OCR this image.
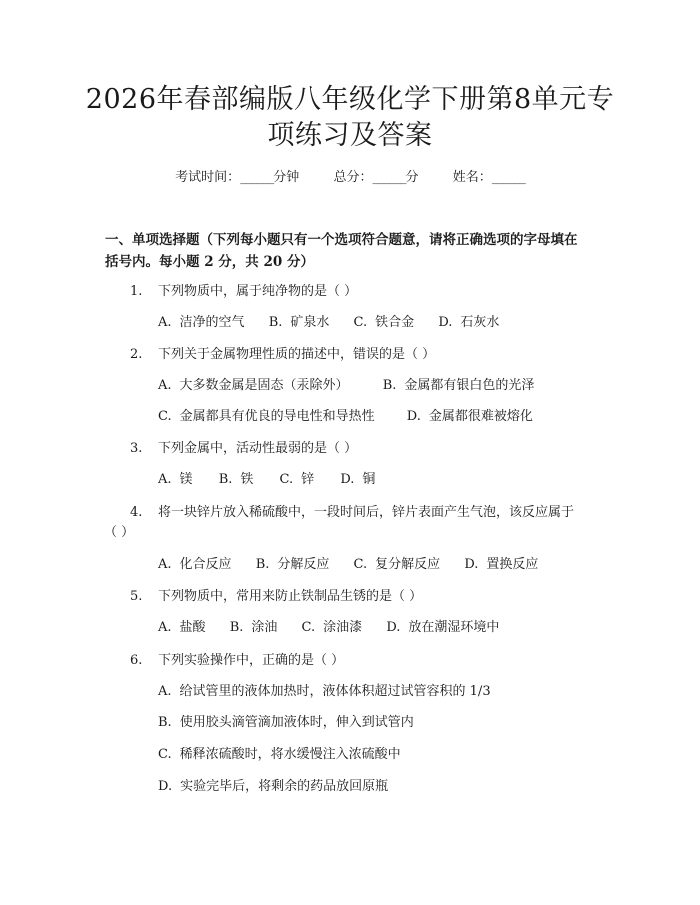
2026年春部编版八年级化学下册第8单元专
项练习及答案
考试时间：______分钟	总分：______分	姓名：______
一、单项选择题（下列每小题只有一个选项符合题意，请将正确选项的字母填在
括号内。每小题 2 分，共 20 分）
1. 下列物质中，属于纯净物的是（ ）
A. 洁净的空气 B. 矿泉水 C. 铁合金 D. 石灰水
2. 下列关于金属物理性质的描述中，错误的是（ ）
A. 大多数金属是固态（汞除外）	B. 金属都有银白色的光泽
C. 金属都具有优良的导电性和导热性 D. 金属都很难被熔化
3. 下列金属中，活动性最弱的是（ ）
A. 镁 B. 铁 C. 锌 D. 铜
4. 将一块锌片放入稀硫酸中，一段时间后，锌片表面产生气泡，该反应属于
（ ）
A. 化合反应 B. 分解反应 C. 复分解反应 D. 置换反应
5. 下列物质中，常用来防止铁制品生锈的是（ ）
A. 盐酸 B. 涂油 C. 涂油漆 D. 放在潮湿环境中
6. 下列实验操作中，正确的是（ ）
A. 给试管里的液体加热时，液体体积超过试管容积的 1/3
B. 使用胶头滴管滴加液体时，伸入到试管内
C. 稀释浓硫酸时，将水缓慢注入浓硫酸中
D. 实验完毕后，将剩余的药品放回原瓶
